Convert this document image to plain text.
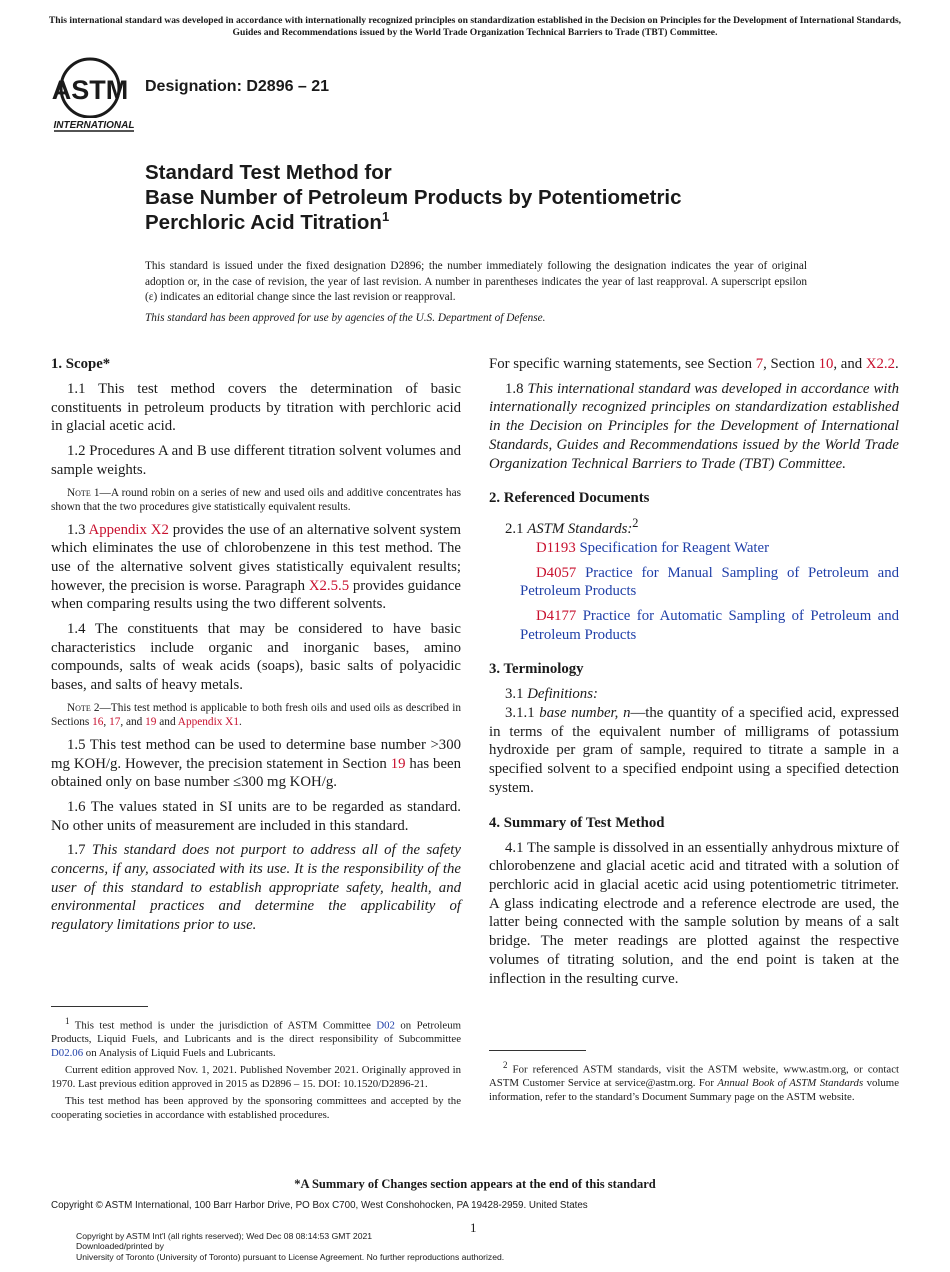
This international standard was developed in accordance with internationally recognized principles on standardization established in the Decision on Principles for the Development of International Standards, Guides and Recommendations issued by the World Trade Organization Technical Barriers to Trade (TBT) Committee.
ASTM
INTERNATIONAL
Designation: D2896 – 21
Standard Test Method for
Base Number of Petroleum Products by Potentiometric
Perchloric Acid Titration$^1$
This standard is issued under the fixed designation D2896; the number immediately following the designation indicates the year of original adoption or, in the case of revision, the year of last revision. A number in parentheses indicates the year of last reapproval. A superscript epsilon (ε) indicates an editorial change since the last revision or reapproval.
This standard has been approved for use by agencies of the U.S. Department of Defense.
1. Scope*

1.1 This test method covers the determination of basic constituents in petroleum products by titration with perchloric acid in glacial acetic acid.

1.2 Procedures A and B use different titration solvent volumes and sample weights.

Note 1—A round robin on a series of new and used oils and additive concentrates has shown that the two procedures give statistically equivalent results.

1.3 Appendix X2 provides the use of an alternative solvent system which eliminates the use of chlorobenzene in this test method. The use of the alternative solvent gives statistically equivalent results; however, the precision is worse. Paragraph X2.5.5 provides guidance when comparing results using the two different solvents.

1.4 The constituents that may be considered to have basic characteristics include organic and inorganic bases, amino compounds, salts of weak acids (soaps), basic salts of polyacidic bases, and salts of heavy metals.

Note 2—This test method is applicable to both fresh oils and used oils as described in Sections 16, 17, and 19 and Appendix X1.

1.5 This test method can be used to determine base number >300 mg KOH/g. However, the precision statement in Section 19 has been obtained only on base number ≤300 mg KOH/g.

1.6 The values stated in SI units are to be regarded as standard. No other units of measurement are included in this standard.

1.7 This standard does not purport to address all of the safety concerns, if any, associated with its use. It is the responsibility of the user of this standard to establish appropriate safety, health, and environmental practices and determine the applicability of regulatory limitations prior to use.

For specific warning statements, see Section 7, Section 10, and X2.2.

1.8 This international standard was developed in accordance with internationally recognized principles on standardization established in the Decision on Principles for the Development of International Standards, Guides and Recommendations issued by the World Trade Organization Technical Barriers to Trade (TBT) Committee.

2. Referenced Documents

2.1 ASTM Standards:$^2$

D1193 Specification for Reagent Water

D4057 Practice for Manual Sampling of Petroleum and Petroleum Products

D4177 Practice for Automatic Sampling of Petroleum and Petroleum Products

3. Terminology

3.1 Definitions:

3.1.1 base number, n—the quantity of a specified acid, expressed in terms of the equivalent number of milligrams of potassium hydroxide per gram of sample, required to titrate a sample in a specified solvent to a specified endpoint using a specified detection system.

4. Summary of Test Method

4.1 The sample is dissolved in an essentially anhydrous mixture of chlorobenzene and glacial acetic acid and titrated with a solution of perchloric acid in glacial acetic acid using potentiometric titrimeter. A glass indicating electrode and a reference electrode are used, the latter being connected with the sample solution by means of a salt bridge. The meter readings are plotted against the respective volumes of titrating solution, and the end point is taken at the inflection in the resulting curve.

$^1$ This test method is under the jurisdiction of ASTM Committee D02 on Petroleum Products, Liquid Fuels, and Lubricants and is the direct responsibility of Subcommittee D02.06 on Analysis of Liquid Fuels and Lubricants.

Current edition approved Nov. 1, 2021. Published November 2021. Originally approved in 1970. Last previous edition approved in 2015 as D2896 – 15. DOI: 10.1520/D2896-21.

This test method has been approved by the sponsoring committees and accepted by the cooperating societies in accordance with established procedures.

$^2$ For referenced ASTM standards, visit the ASTM website, www.astm.org, or contact ASTM Customer Service at service@astm.org. For Annual Book of ASTM Standards volume information, refer to the standard’s Document Summary page on the ASTM website.

*A Summary of Changes section appears at the end of this standard
Copyright © ASTM International, 100 Barr Harbor Drive, PO Box C700, West Conshohocken, PA 19428-2959. United States
1
Copyright by ASTM Int'l (all rights reserved); Wed Dec 08 08:14:53 GMT 2021
Downloaded/printed by
University of Toronto (University of Toronto) pursuant to License Agreement. No further reproductions authorized.
